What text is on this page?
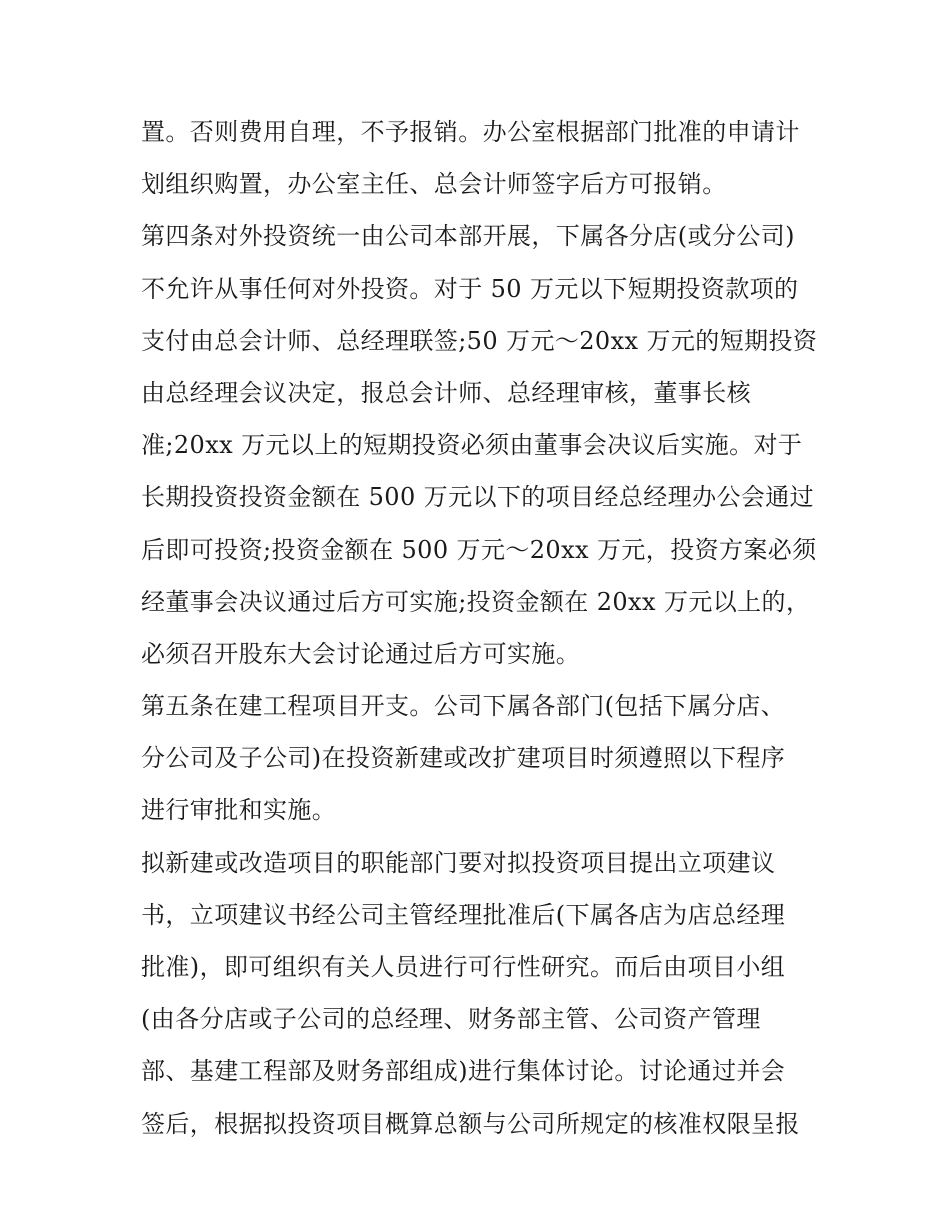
置。否则费用自理，不予报销。办公室根据部门批准的申请计
划组织购置，办公室主任、总会计师签字后方可报销。
第四条对外投资统一由公司本部开展，下属各分店(或分公司)
不允许从事任何对外投资。对于 50 万元以下短期投资款项的
支付由总会计师、总经理联签;50 万元～20xx 万元的短期投资
由总经理会议决定，报总会计师、总经理审核，董事长核
准;20xx 万元以上的短期投资必须由董事会决议后实施。对于
长期投资投资金额在 500 万元以下的项目经总经理办公会通过
后即可投资;投资金额在 500 万元～20xx 万元，投资方案必须
经董事会决议通过后方可实施;投资金额在 20xx 万元以上的，
必须召开股东大会讨论通过后方可实施。
第五条在建工程项目开支。公司下属各部门(包括下属分店、
分公司及子公司)在投资新建或改扩建项目时须遵照以下程序
进行审批和实施。
拟新建或改造项目的职能部门要对拟投资项目提出立项建议
书，立项建议书经公司主管经理批准后(下属各店为店总经理
批准)，即可组织有关人员进行可行性研究。而后由项目小组
(由各分店或子公司的总经理、财务部主管、公司资产管理
部、基建工程部及财务部组成)进行集体讨论。讨论通过并会
签后，根据拟投资项目概算总额与公司所规定的核准权限呈报
